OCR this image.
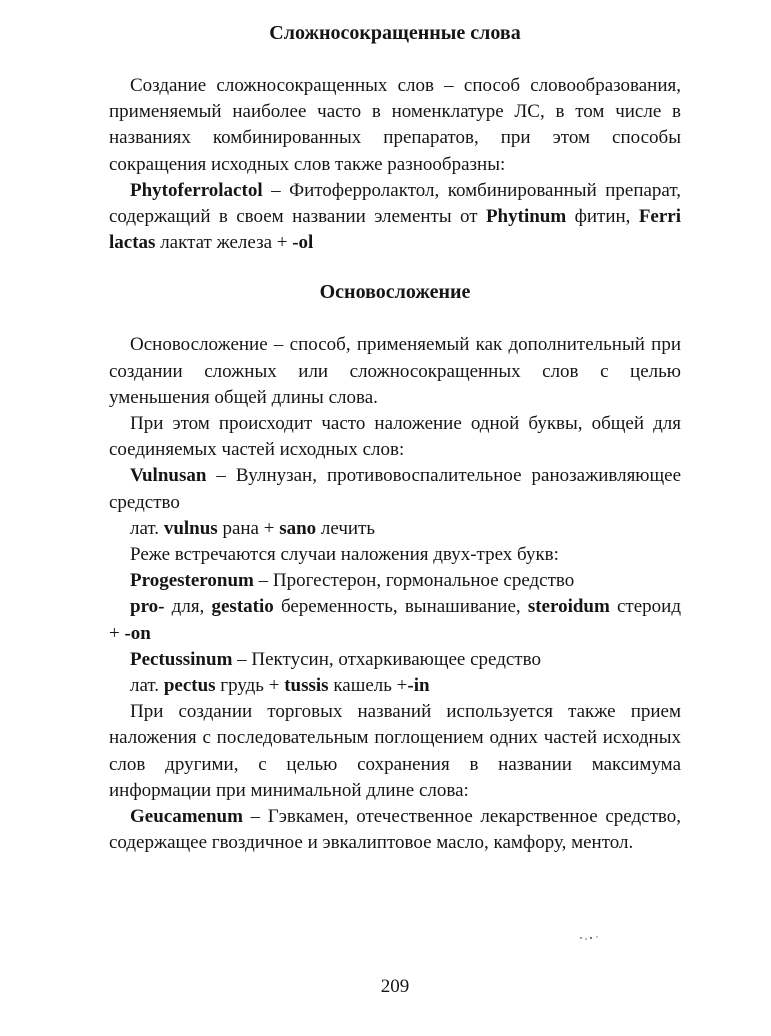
Сложносокращенные слова

Создание сложносокращенных слов – способ словообразования, применяемый наиболее часто в номенклатуре ЛС, в том числе в названиях комбинированных препаратов, при этом способы сокращения исходных слов также разнообразны:

Phytoferrolactol – Фитоферролактол, комбинированный препарат, содержащий в своем названии элементы от Phytinum фитин, Ferri lactas лактат железа + -ol

Основосложение

Основосложение – способ, применяемый как дополнительный при создании сложных или сложносокращенных слов с целью уменьшения общей длины слова.

При этом происходит часто наложение одной буквы, общей для соединяемых частей исходных слов:

Vulnusan – Вулнузан, противовоспалительное ранозаживляющее средство

лат. vulnus рана + sano лечить

Реже встречаются случаи наложения двух-трех букв:

Progesteronum – Прогестерон, гормональное средство

pro- для, gestatio беременность, вынашивание, steroidum стероид + -on

Pectussinum – Пектусин, отхаркивающее средство

лат. pectus грудь + tussis кашель +-in

При создании торговых названий используется также прием наложения с последовательным поглощением одних частей исходных слов другими, с целью сохранения в названии максимума информации при минимальной длине слова:

Geucamenum – Гэвкамен, отечественное лекарственное средство, содержащее гвоздичное и эвкалиптовое масло, камфору, ментол.

209
